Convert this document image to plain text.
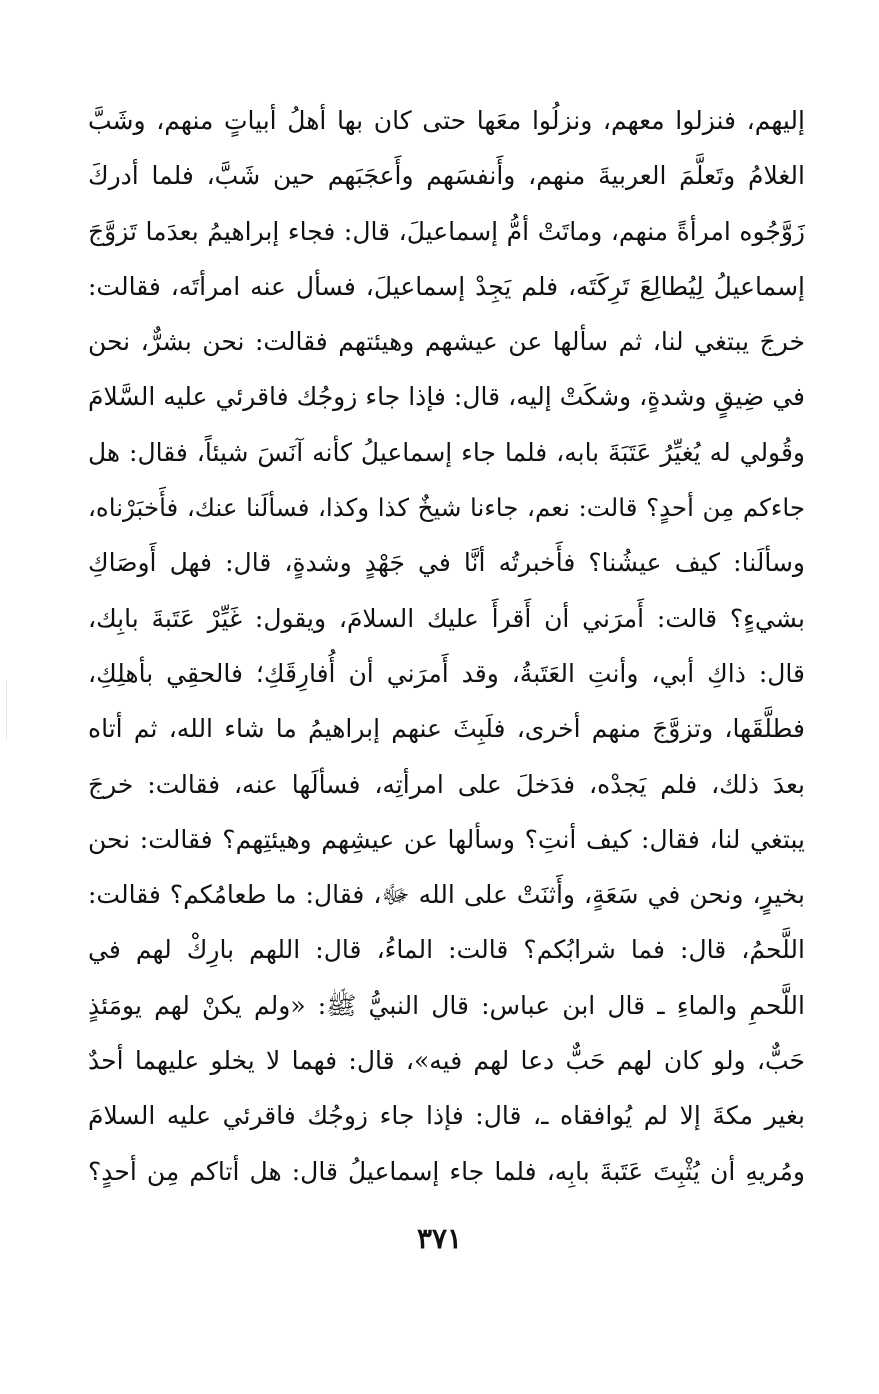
إليهم، فنزلوا معهم، ونزلُوا معَها حتى كان بها أهلُ أبياتٍ منهم، وشَبَّ
الغلامُ وتَعلَّمَ العربيةَ منهم، وأَنفسَهم وأَعجَبَهم حين شَبَّ، فلما أدركَ
زَوَّجُوه امرأةً منهم، وماتَتْ أمُّ إسماعيلَ، قال: فجاء إبراهيمُ بعدَما تَزوَّجَ
إسماعيلُ لِيُطالِعَ تَرِكَتَه، فلم يَجِدْ إسماعيلَ، فسأل عنه امرأتَه، فقالت:
خرجَ يبتغي لنا، ثم سألها عن عيشهم وهيئتهم فقالت: نحن بشرٌّ، نحن
في ضِيقٍ وشدةٍ، وشكَتْ إليه، قال: فإذا جاء زوجُك فاقرئي عليه السَّلامَ
وقُولي له يُغيِّرُ عَتَبَةَ بابه، فلما جاء إسماعيلُ كأنه آنَسَ شيئاً، فقال: هل
جاءكم مِن أحدٍ؟ قالت: نعم، جاءنا شيخٌ كذا وكذا، فسألَنا عنك، فأَخبَرْناه،
وسألَنا: كيف عيشُنا؟ فأَخبرتُه أنَّا في جَهْدٍ وشدةٍ، قال: فهل أَوصَاكِ
بشيءٍ؟ قالت: أَمرَني أن أَقرأَ عليك السلامَ، ويقول: غَيِّرْ عَتَبةَ بابِك،
قال: ذاكِ أبي، وأنتِ العَتَبةُ، وقد أَمرَني أن أُفارِقَكِ؛ فالحقِي بأهلِكِ،
فطلَّقَها، وتزوَّجَ منهم أخرى، فلَبِثَ عنهم إبراهيمُ ما شاء الله، ثم أتاه
بعدَ ذلك، فلم يَجدْه، فدَخلَ على امرأتِه، فسألَها عنه، فقالت: خرجَ
يبتغي لنا، فقال: كيف أنتِ؟ وسألها عن عيشِهم وهيئتِهم؟ فقالت: نحن
بخيرٍ، ونحن في سَعَةٍ، وأَثنَتْ على الله ﷻ، فقال: ما طعامُكم؟ فقالت:
اللَّحمُ، قال: فما شرابُكم؟ قالت: الماءُ، قال: اللهم بارِكْ لهم في
اللَّحمِ والماءِ ـ قال ابن عباس: قال النبيُّ ﷺ: «ولم يكنْ لهم يومَئذٍ
حَبٌّ، ولو كان لهم حَبٌّ دعا لهم فيه»، قال: فهما لا يخلو عليهما أحدٌ
بغير مكةَ إلا لم يُوافقاه ـ، قال: فإذا جاء زوجُك فاقرئي عليه السلامَ
ومُريهِ أن يُثْبِتَ عَتَبةَ بابِه، فلما جاء إسماعيلُ قال: هل أتاكم مِن أحدٍ؟
٣٧١
